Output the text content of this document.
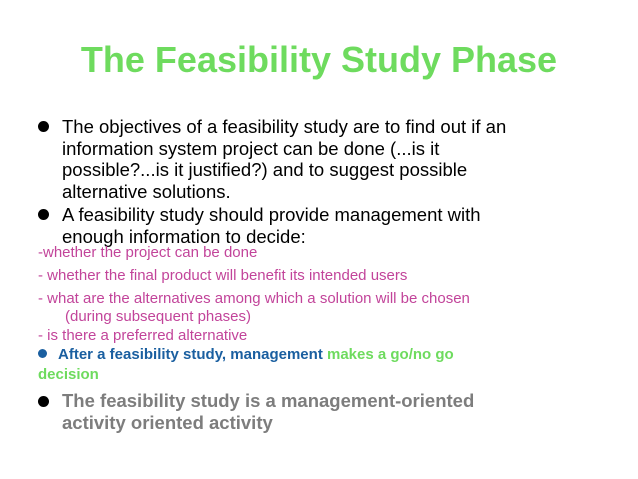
The Feasibility Study Phase
The objectives of a feasibility study are to find out if an
information system project can be done (...is it
possible?...is it justified?) and to suggest possible
alternative solutions.
A feasibility study should provide management with
enough information to decide:
-whether the project can be done
- whether the final product will benefit its intended users
- what are the alternatives among which a solution will be chosen
(during subsequent phases)
- is there a preferred alternative
After a feasibility study, management makes a go/no go
decision
The feasibility study is a management-oriented
activity oriented activity
